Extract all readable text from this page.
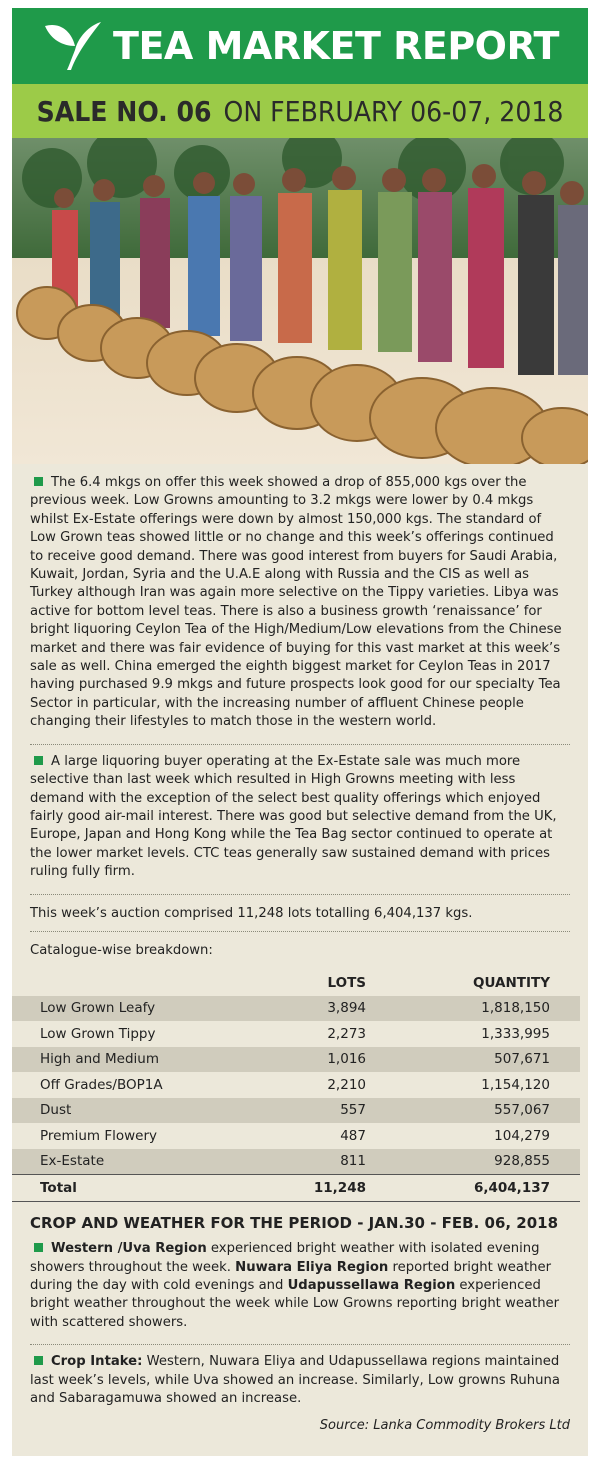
TEA MARKET REPORT
SALE NO. 06 ON FEBRUARY 06-07, 2018
The 6.4 mkgs on offer this week showed a drop of 855,000 kgs over the previous week. Low Growns amounting to 3.2 mkgs were lower by 0.4 mkgs whilst Ex-Estate offerings were down by almost 150,000 kgs. The standard of Low Grown teas showed little or no change and this week’s offerings continued to receive good demand. There was good interest from buyers for Saudi Arabia, Kuwait, Jordan, Syria and the U.A.E along with Russia and the CIS as well as Turkey although Iran was again more selective on the Tippy varieties. Libya was active for bottom level teas. There is also a business growth ‘renaissance’ for bright liquoring Ceylon Tea of the High/Medium/Low elevations from the Chinese market and there was fair evidence of buying for this vast market at this week’s sale as well. China emerged the eighth biggest market for Ceylon Teas in 2017 having purchased 9.9 mkgs and future prospects look good for our specialty Tea Sector in particular, with the increasing number of affluent Chinese people changing their lifestyles to match those in the western world.
A large liquoring buyer operating at the Ex-Estate sale was much more selective than last week which resulted in High Growns meeting with less demand with the exception of the select best quality offerings which enjoyed fairly good air-mail interest. There was good but selective demand from the UK, Europe, Japan and Hong Kong while the Tea Bag sector continued to operate at the lower market levels. CTC teas generally saw sustained demand with prices ruling fully firm.
This week’s auction comprised 11,248 lots totalling 6,404,137 kgs.
Catalogue-wise breakdown:
	LOTS	QUANTITY
Low Grown Leafy	3,894	1,818,150
Low Grown Tippy	2,273	1,333,995
High and Medium	1,016	507,671
Off Grades/BOP1A	2,210	1,154,120
Dust	557	557,067
Premium Flowery	487	104,279
Ex-Estate	811	928,855
Total	11,248	6,404,137
CROP AND WEATHER FOR THE PERIOD - JAN.30 - FEB. 06, 2018
Western /Uva Region experienced bright weather with isolated evening showers throughout the week. Nuwara Eliya Region reported bright weather during the day with cold evenings and Udapussellawa Region experienced bright weather throughout the week while Low Growns reporting bright weather with scattered showers.
Crop Intake: Western, Nuwara Eliya and Udapussellawa regions maintained last week’s levels, while Uva showed an increase. Similarly, Low growns Ruhuna and Sabaragamuwa showed an increase.
Source: Lanka Commodity Brokers Ltd
